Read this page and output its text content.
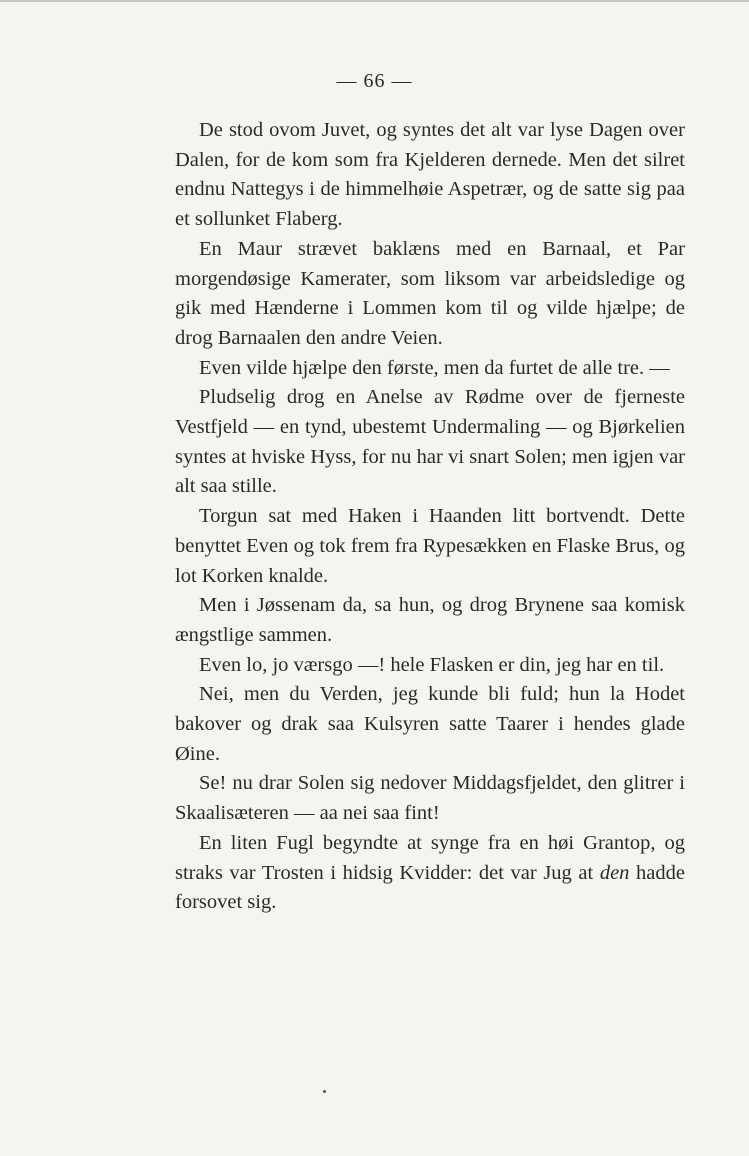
— 66 —

De stod ovom Juvet, og syntes det alt var lyse Dagen over Dalen, for de kom som fra Kjelderen dernede. Men det silret endnu Nattegys i de himmelhøie Aspetrær, og de satte sig paa et sollunket Flaberg.

En Maur strævet baklæns med en Barnaal, et Par morgendøsige Kamerater, som liksom var arbeidsledige og gik med Hænderne i Lommen kom til og vilde hjælpe; de drog Barnaalen den andre Veien.

Even vilde hjælpe den første, men da furtet de alle tre. —

Pludselig drog en Anelse av Rødme over de fjerneste Vestfjeld — en tynd, ubestemt Undermaling — og Bjørkelien syntes at hviske Hyss, for nu har vi snart Solen; men igjen var alt saa stille.

Torgun sat med Haken i Haanden litt bortvendt. Dette benyttet Even og tok frem fra Rypesækken en Flaske Brus, og lot Korken knalde.

Men i Jøssenam da, sa hun, og drog Brynene saa komisk ængstlige sammen.

Even lo, jo værsgo —! hele Flasken er din, jeg har en til.

Nei, men du Verden, jeg kunde bli fuld; hun la Hodet bakover og drak saa Kulsyren satte Taarer i hendes glade Øine.

Se! nu drar Solen sig nedover Middagsfjeldet, den glitrer i Skaalisæteren — aa nei saa fint!

En liten Fugl begyndte at synge fra en høi Grantop, og straks var Trosten i hidsig Kvidder: det var Jug at den hadde forsovet sig.
